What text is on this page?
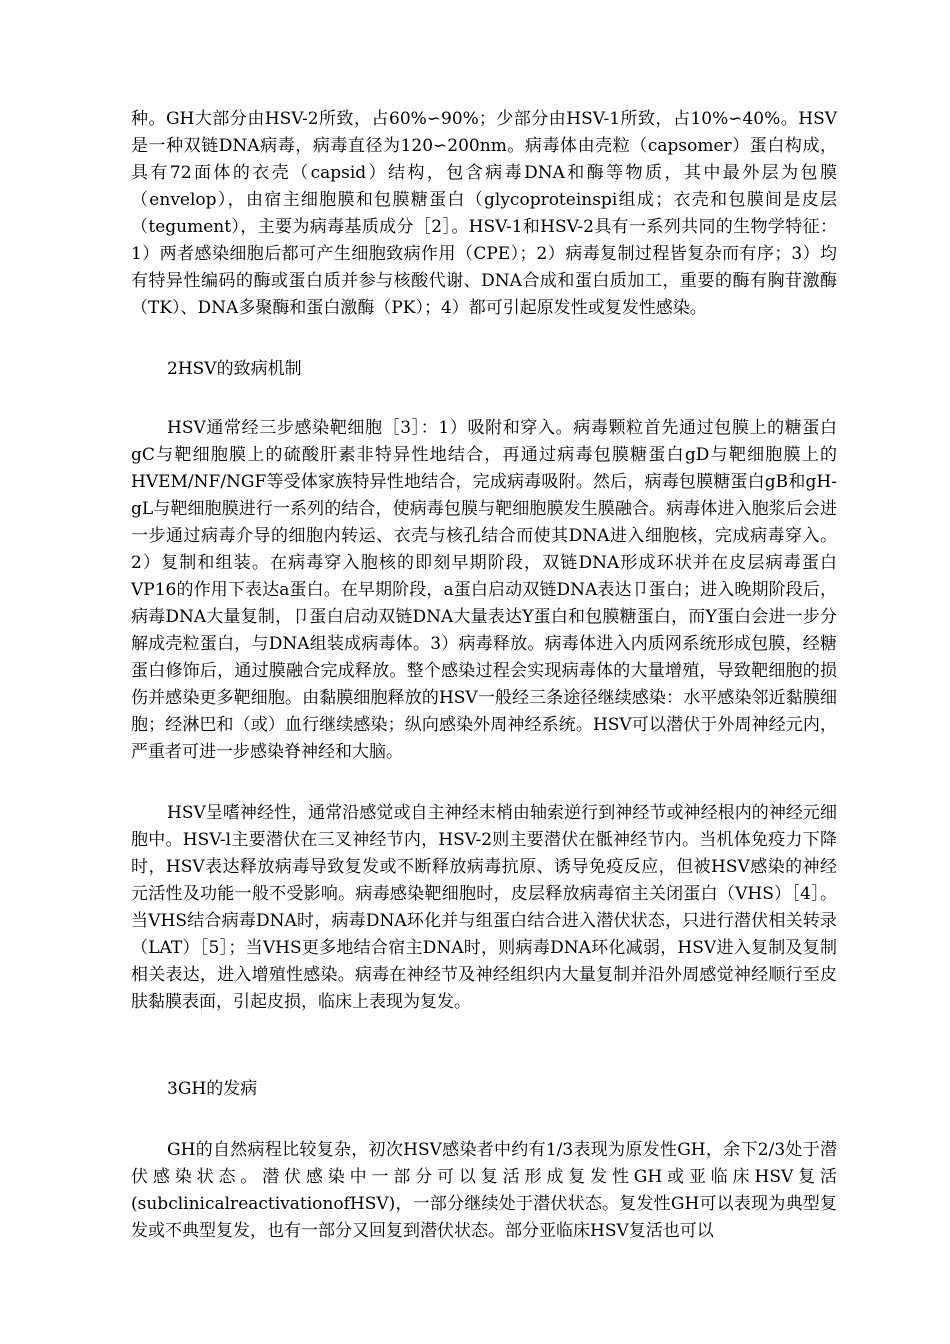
种。GH大部分由HSV-2所致，占60%∽90%；少部分由HSV-1所致，占10%∽40%。HSV是一种双链DNA病毒，病毒直径为120∽200nm。病毒体由壳粒（capsomer）蛋白构成，具有72面体的衣壳（capsid）结构，包含病毒DNA和酶等物质，其中最外层为包膜（envelop），由宿主细胞膜和包膜糖蛋白（glycoproteinspi组成；衣壳和包膜间是皮层（tegument），主要为病毒基质成分［2］。HSV-1和HSV-2具有一系列共同的生物学特征：1）两者感染细胞后都可产生细胞致病作用（CPE）；2）病毒复制过程皆复杂而有序；3）均有特异性编码的酶或蛋白质并参与核酸代谢、DNA合成和蛋白质加工，重要的酶有胸苷激酶（TK）、DNA多聚酶和蛋白激酶（PK）；4）都可引起原发性或复发性感染。

2HSV的致病机制

HSV通常经三步感染靶细胞［3］：1）吸附和穿入。病毒颗粒首先通过包膜上的糖蛋白gC与靶细胞膜上的硫酸肝素非特异性地结合，再通过病毒包膜糖蛋白gD与靶细胞膜上的HVEM/NF/NGF等受体家族特异性地结合，完成病毒吸附。然后，病毒包膜糖蛋白gB和gH-gL与靶细胞膜进行一系列的结合，使病毒包膜与靶细胞膜发生膜融合。病毒体进入胞浆后会进一步通过病毒介导的细胞内转运、衣壳与核孔结合而使其DNA进入细胞核，完成病毒穿入。2）复制和组装。在病毒穿入胞核的即刻早期阶段，双链DNA形成环状并在皮层病毒蛋白VP16的作用下表达a蛋白。在早期阶段，a蛋白启动双链DNA表达卩蛋白；进入晚期阶段后，病毒DNA大量复制，卩蛋白启动双链DNA大量表达Y蛋白和包膜糖蛋白，而Y蛋白会进一步分解成壳粒蛋白，与DNA组装成病毒体。3）病毒释放。病毒体进入内质网系统形成包膜，经糖蛋白修饰后，通过膜融合完成释放。整个感染过程会实现病毒体的大量增殖，导致靶细胞的损伤并感染更多靶细胞。由黏膜细胞释放的HSV一般经三条途径继续感染：水平感染邻近黏膜细胞；经淋巴和（或）血行继续感染；纵向感染外周神经系统。HSV可以潜伏于外周神经元内，严重者可进一步感染脊神经和大脑。

HSV呈嗜神经性，通常沿感觉或自主神经末梢由轴索逆行到神经节或神经根内的神经元细胞中。HSV-l主要潜伏在三叉神经节内，HSV-2则主要潜伏在骶神经节内。当机体免疫力下降时，HSV表达释放病毒导致复发或不断释放病毒抗原、诱导免疫反应，但被HSV感染的神经元活性及功能一般不受影响。病毒感染靶细胞时，皮层释放病毒宿主关闭蛋白（VHS）［4］。当VHS结合病毒DNA时，病毒DNA环化并与组蛋白结合进入潜伏状态，只进行潜伏相关转录（LAT）［5］；当VHS更多地结合宿主DNA时，则病毒DNA环化减弱，HSV进入复制及复制相关表达，进入增殖性感染。病毒在神经节及神经组织内大量复制并沿外周感觉神经顺行至皮肤黏膜表面，引起皮损，临床上表现为复发。

3GH的发病

GH的自然病程比较复杂，初次HSV感染者中约有1/3表现为原发性GH，余下2/3处于潜伏感染状态。潜伏感染中一部分可以复活形成复发性GH或亚临床HSV复活(subclinicalreactivationofHSV)，一部分继续处于潜伏状态。复发性GH可以表现为典型复发或不典型复发，也有一部分又回复到潜伏状态。部分亚临床HSV复活也可以
